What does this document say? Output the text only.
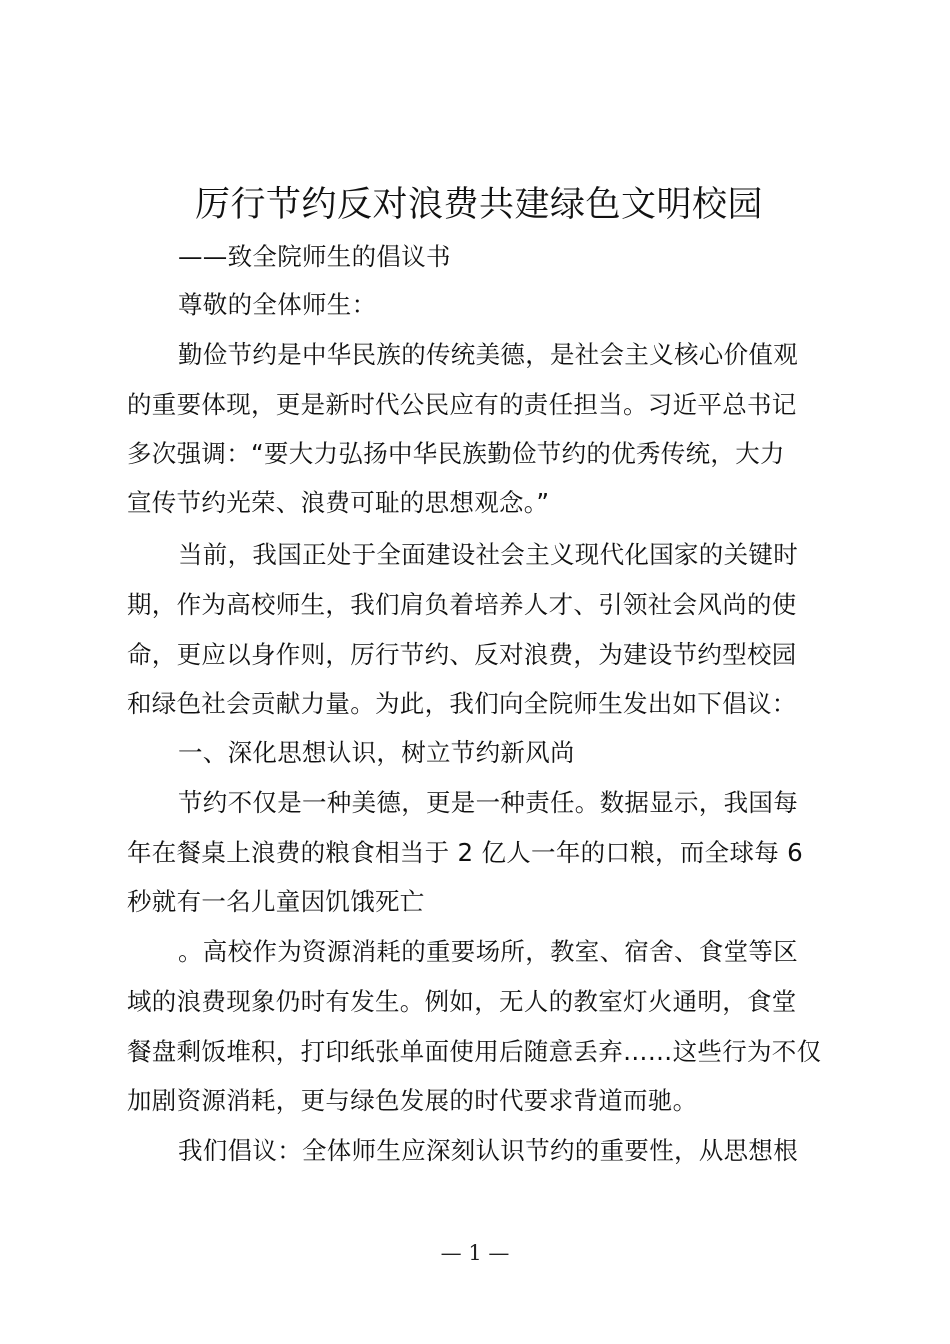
厉行节约反对浪费共建绿色文明校园
——致全院师生的倡议书
尊敬的全体师生：
勤俭节约是中华民族的传统美德，是社会主义核心价值观
的重要体现，更是新时代公民应有的责任担当。习近平总书记
多次强调：“要大力弘扬中华民族勤俭节约的优秀传统，大力
宣传节约光荣、浪费可耻的思想观念。”
当前，我国正处于全面建设社会主义现代化国家的关键时
期，作为高校师生，我们肩负着培养人才、引领社会风尚的使
命，更应以身作则，厉行节约、反对浪费，为建设节约型校园
和绿色社会贡献力量。为此，我们向全院师生发出如下倡议：
一、深化思想认识，树立节约新风尚
节约不仅是一种美德，更是一种责任。数据显示，我国每
年在餐桌上浪费的粮食相当于 2 亿人一年的口粮，而全球每 6
秒就有一名儿童因饥饿死亡
。高校作为资源消耗的重要场所，教室、宿舍、食堂等区
域的浪费现象仍时有发生。例如，无人的教室灯火通明，食堂
餐盘剩饭堆积，打印纸张单面使用后随意丢弃……这些行为不仅
加剧资源消耗，更与绿色发展的时代要求背道而驰。
我们倡议：全体师生应深刻认识节约的重要性，从思想根
— 1 —
